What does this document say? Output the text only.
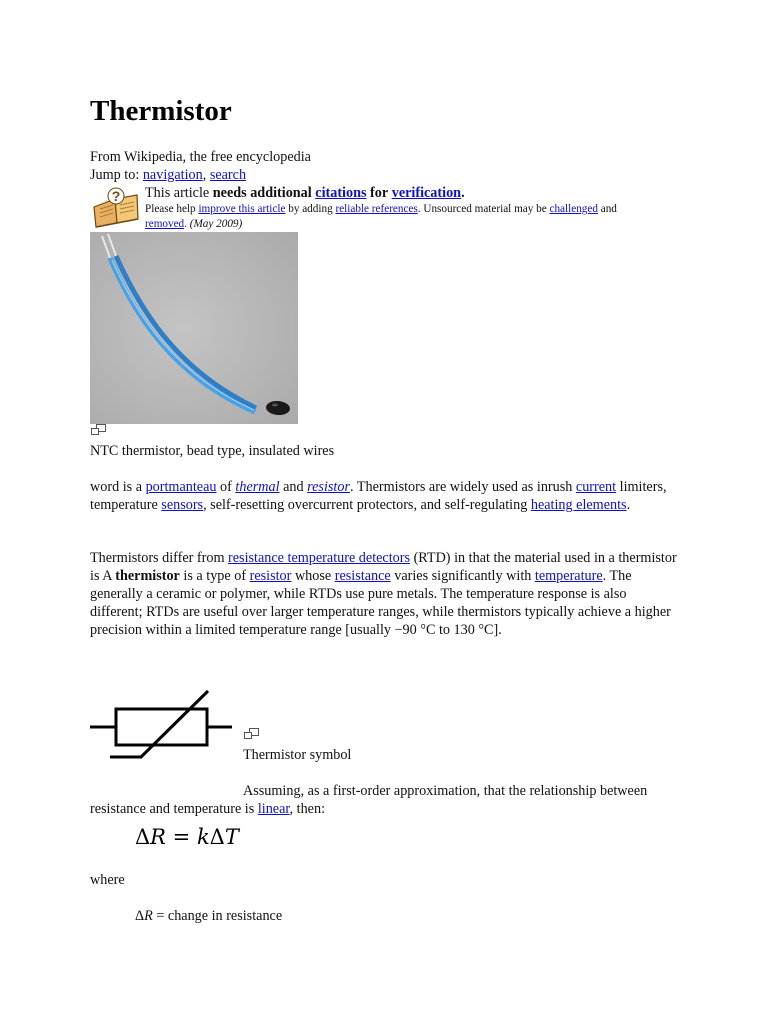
Thermistor
From Wikipedia, the free encyclopedia
Jump to: navigation, search
? This article needs additional citations for verification.
Please help improve this article by adding reliable references. Unsourced material may be challenged and
removed. (May 2009)
NTC thermistor, bead type, insulated wires
word is a portmanteau of thermal and resistor. Thermistors are widely used as inrush current limiters, temperature sensors, self-resetting overcurrent protectors, and self-regulating heating elements.
Thermistors differ from resistance temperature detectors (RTD) in that the material used in a thermistor is A thermistor is a type of resistor whose resistance varies significantly with temperature. The generally a ceramic or polymer, while RTDs use pure metals. The temperature response is also different; RTDs are useful over larger temperature ranges, while thermistors typically achieve a higher precision within a limited temperature range [usually −90 °C to 130 °C].
Thermistor symbol
Assuming, as a first-order approximation, that the relationship between resistance and temperature is linear, then:
ΔR = kΔT
where
ΔR = change in resistance
